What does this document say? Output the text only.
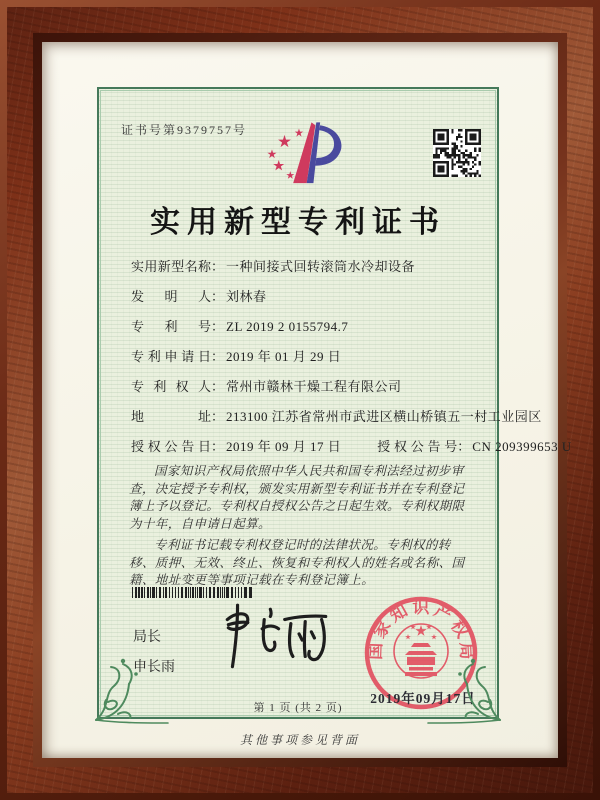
证书号第9379757号
实用新型专利证书
实用新型名称： 一种间接式回转滚筒水冷却设备
发明人： 刘林春
专利号： ZL 2019 2 0155794.7
专利申请日： 2019 年 01 月 29 日
专利权人： 常州市赣林干燥工程有限公司
地址： 213100 江苏省常州市武进区横山桥镇五一村工业园区
授权公告日： 2019 年 09 月 17 日	授权公告号： CN 209399653 U

国家知识产权局依照中华人民共和国专利法经过初步审查，决定授予专利权，颁发实用新型专利证书并在专利登记簿上予以登记。专利权自授权公告之日起生效。专利权期限为十年，自申请日起算。

专利证书记载专利权登记时的法律状况。专利权的转移、质押、无效、终止、恢复和专利权人的姓名或名称、国籍、地址变更等事项记载在专利登记簿上。

局长
申长雨
国家知识产权局
2019年09月17日
第 1 页 (共 2 页)
其他事项参见背面
